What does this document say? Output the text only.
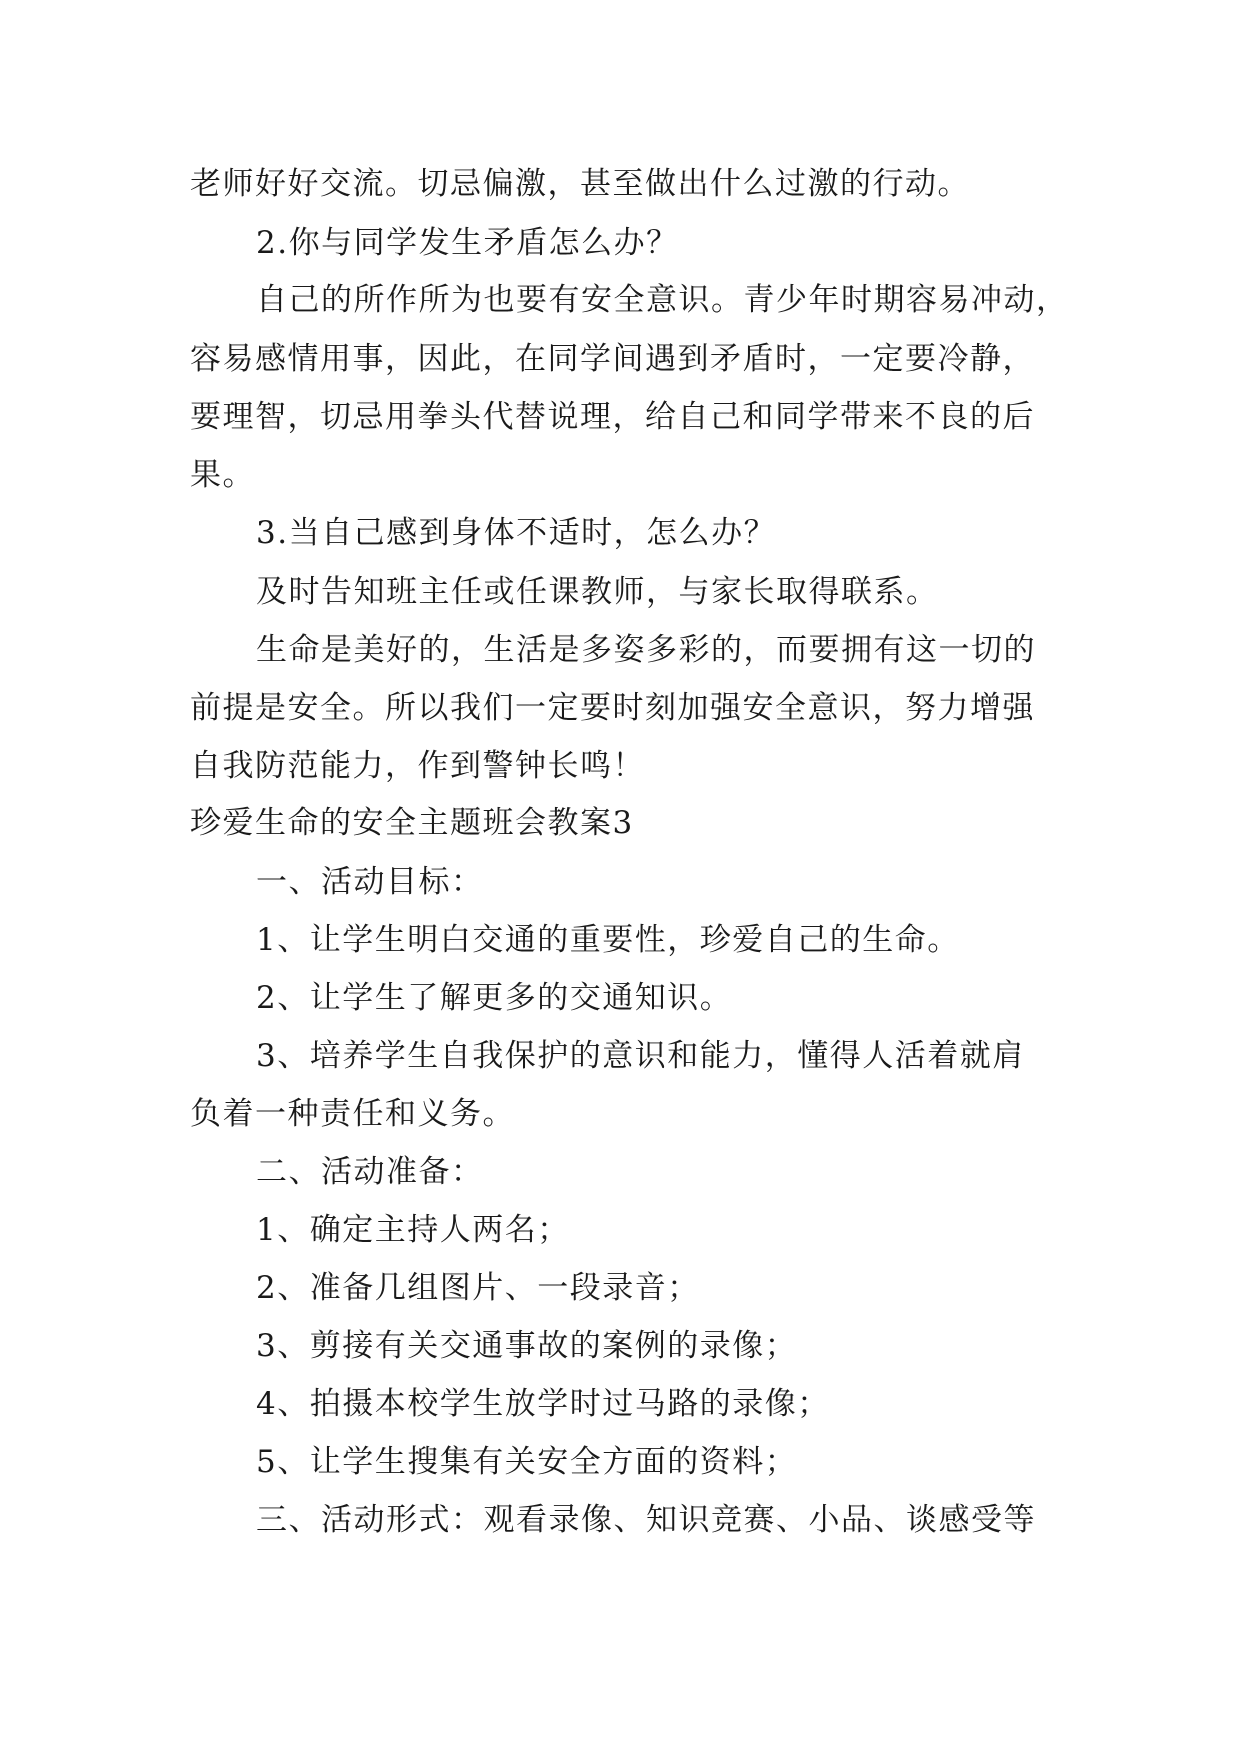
老师好好交流。切忌偏激，甚至做出什么过激的行动。
2.你与同学发生矛盾怎么办？
自己的所作所为也要有安全意识。青少年时期容易冲动，
容易感情用事，因此，在同学间遇到矛盾时，一定要冷静，
要理智，切忌用拳头代替说理，给自己和同学带来不良的后
果。
3.当自己感到身体不适时，怎么办？
及时告知班主任或任课教师，与家长取得联系。
生命是美好的，生活是多姿多彩的，而要拥有这一切的
前提是安全。所以我们一定要时刻加强安全意识，努力增强
自我防范能力，作到警钟长鸣！
珍爱生命的安全主题班会教案3
一、活动目标：
1、让学生明白交通的重要性，珍爱自己的生命。
2、让学生了解更多的交通知识。
3、培养学生自我保护的意识和能力，懂得人活着就肩
负着一种责任和义务。
二、活动准备：
1、确定主持人两名；
2、准备几组图片、一段录音；
3、剪接有关交通事故的案例的录像；
4、拍摄本校学生放学时过马路的录像；
5、让学生搜集有关安全方面的资料；
三、活动形式：观看录像、知识竞赛、小品、谈感受等
